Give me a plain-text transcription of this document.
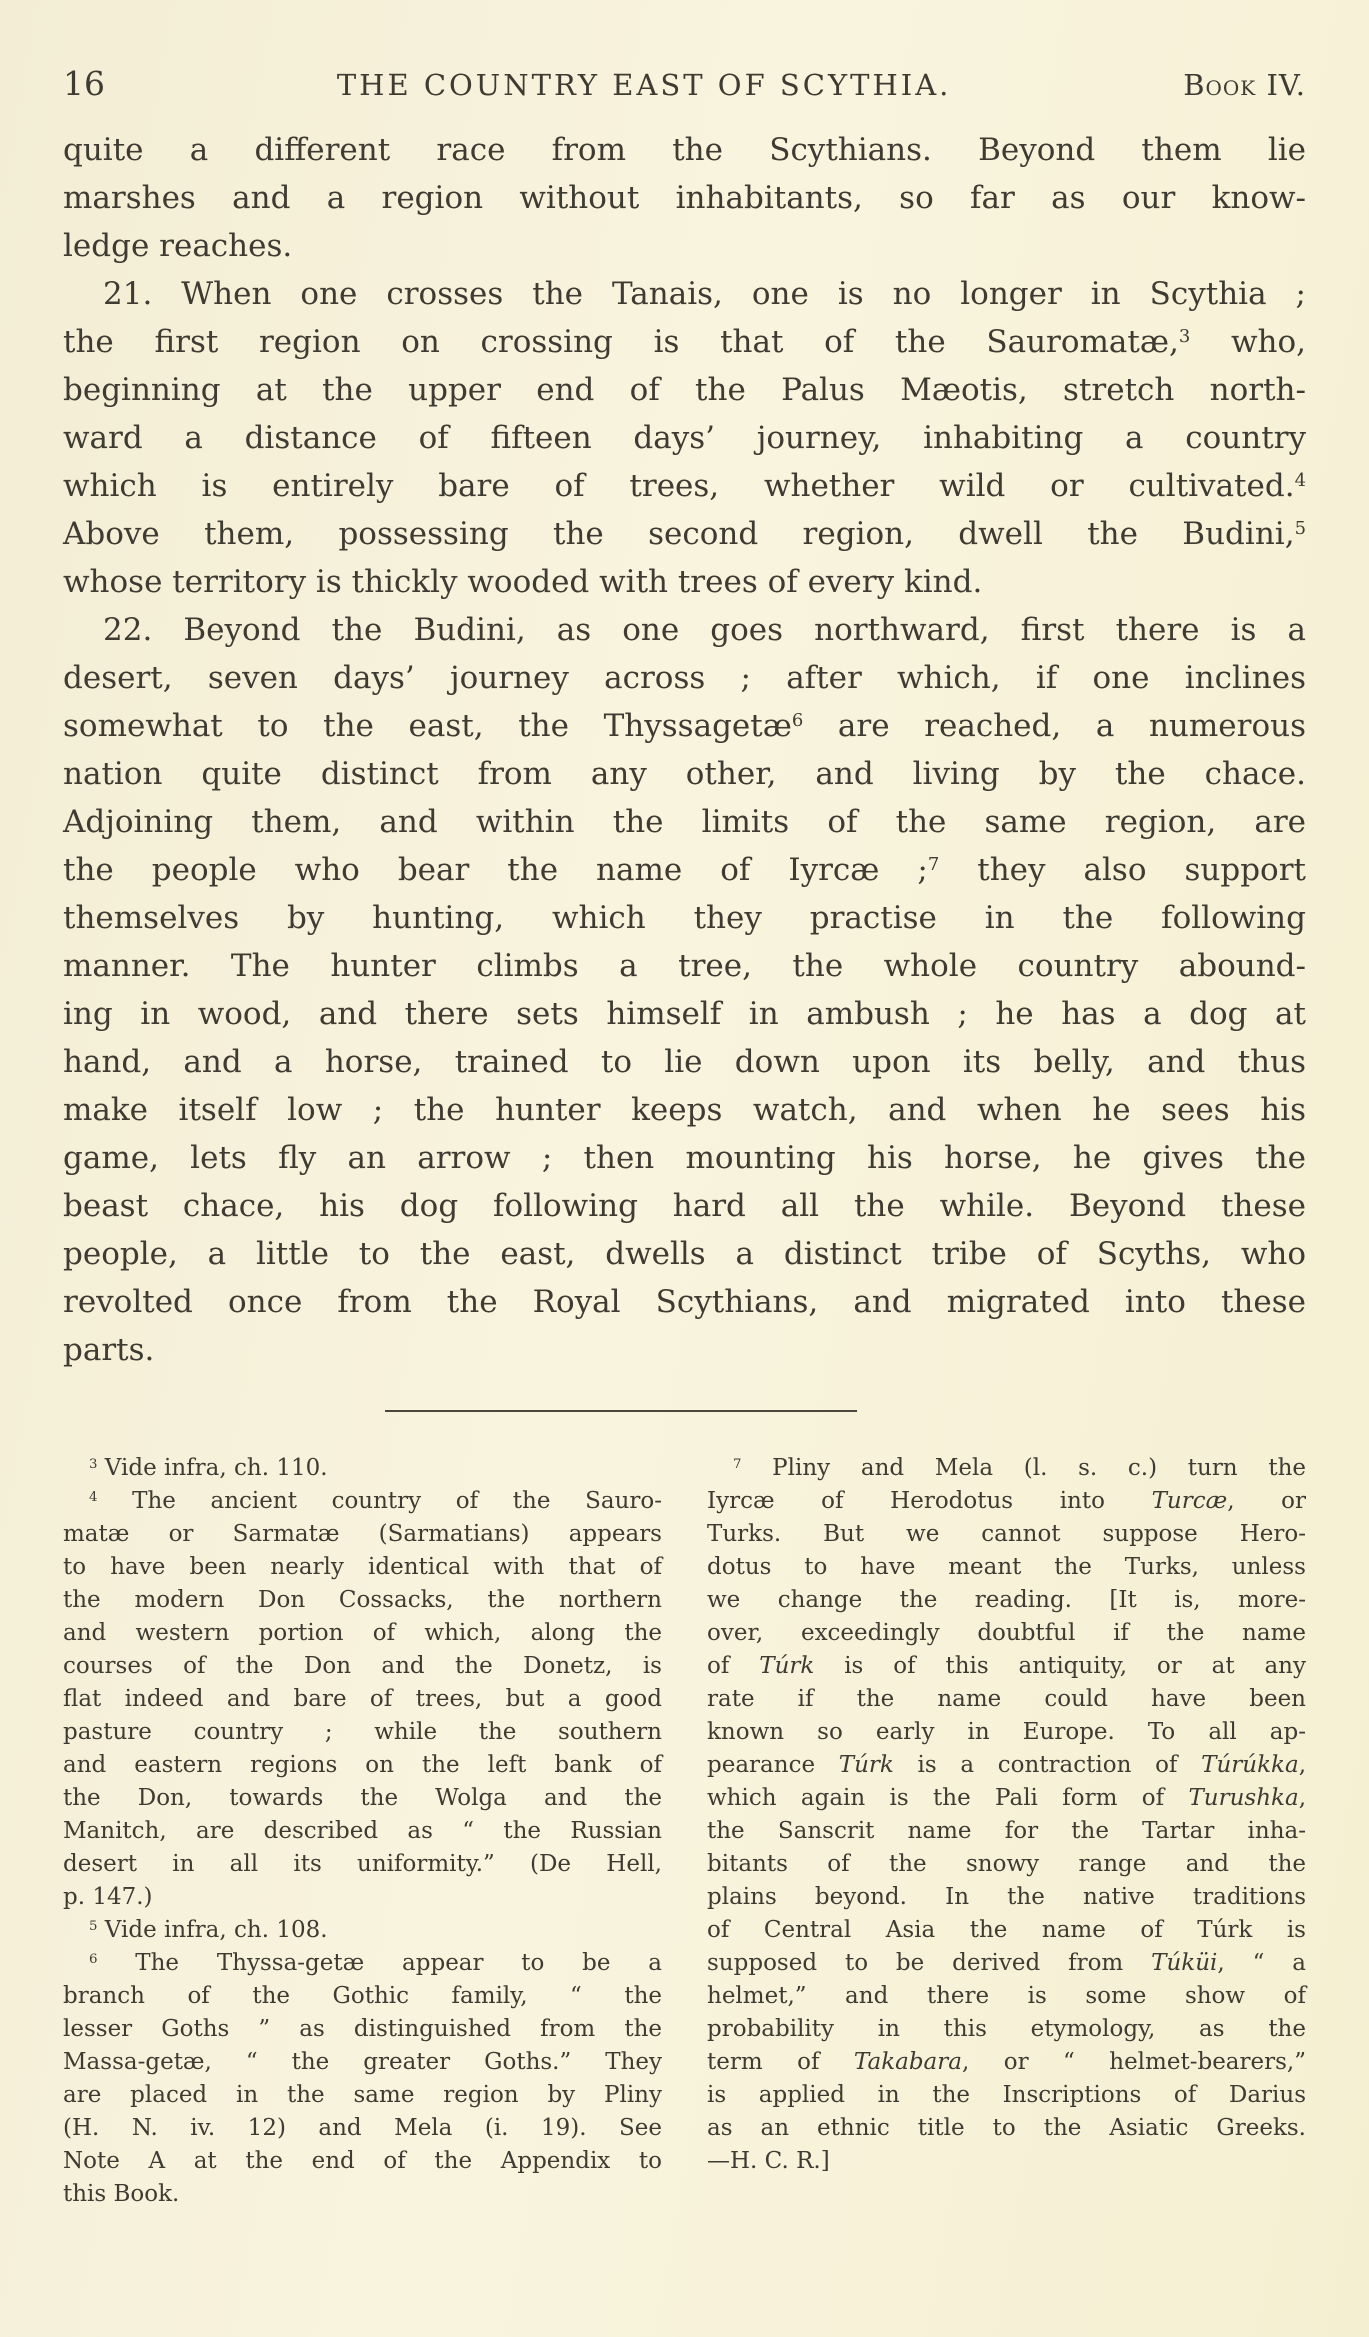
16	THE COUNTRY EAST OF SCYTHIA.	Book IV.
quite a different race from the Scythians. Beyond them lie
marshes and a region without inhabitants, so far as our know-
ledge reaches.
21. When one crosses the Tanais, one is no longer in Scythia ;
the first region on crossing is that of the Sauromatæ,$^3$ who,
beginning at the upper end of the Palus Mæotis, stretch north-
ward a distance of fifteen days’ journey, inhabiting a country
which is entirely bare of trees, whether wild or cultivated.$^4$
Above them, possessing the second region, dwell the Budini,$^5$
whose territory is thickly wooded with trees of every kind.
22. Beyond the Budini, as one goes northward, first there is a
desert, seven days’ journey across ; after which, if one inclines
somewhat to the east, the Thyssagetæ$^6$ are reached, a numerous
nation quite distinct from any other, and living by the chace.
Adjoining them, and within the limits of the same region, are
the people who bear the name of Iyrcæ ;$^7$ they also support
themselves by hunting, which they practise in the following
manner. The hunter climbs a tree, the whole country abound-
ing in wood, and there sets himself in ambush ; he has a dog at
hand, and a horse, trained to lie down upon its belly, and thus
make itself low ; the hunter keeps watch, and when he sees his
game, lets fly an arrow ; then mounting his horse, he gives the
beast chace, his dog following hard all the while. Beyond these
people, a little to the east, dwells a distinct tribe of Scyths, who
revolted once from the Royal Scythians, and migrated into these
parts.
$^3$ Vide infra, ch. 110.
$^4$ The ancient country of the Sauro-
matæ or Sarmatæ (Sarmatians) appears
to have been nearly identical with that of
the modern Don Cossacks, the northern
and western portion of which, along the
courses of the Don and the Donetz, is
flat indeed and bare of trees, but a good
pasture country ; while the southern
and eastern regions on the left bank of
the Don, towards the Wolga and the
Manitch, are described as “ the Russian
desert in all its uniformity.” (De Hell,
p. 147.)
$^5$ Vide infra, ch. 108.
$^6$ The Thyssa-getæ appear to be a
branch of the Gothic family, “ the
lesser Goths ” as distinguished from the
Massa-getæ, “ the greater Goths.” They
are placed in the same region by Pliny
(H. N. iv. 12) and Mela (i. 19). See
Note A at the end of the Appendix to
this Book.
$^7$ Pliny and Mela (l. s. c.) turn the
Iyrcæ of Herodotus into Turcæ, or
Turks. But we cannot suppose Hero-
dotus to have meant the Turks, unless
we change the reading. [It is, more-
over, exceedingly doubtful if the name
of Túrk is of this antiquity, or at any
rate if the name could have been
known so early in Europe. To all ap-
pearance Túrk is a contraction of Túrúkka,
which again is the Pali form of Turushka,
the Sanscrit name for the Tartar inha-
bitants of the snowy range and the
plains beyond. In the native traditions
of Central Asia the name of Túrk is
supposed to be derived from Túküi, “ a
helmet,” and there is some show of
probability in this etymology, as the
term of Takabara, or “ helmet-bearers,”
is applied in the Inscriptions of Darius
as an ethnic title to the Asiatic Greeks.
—H. C. R.]
